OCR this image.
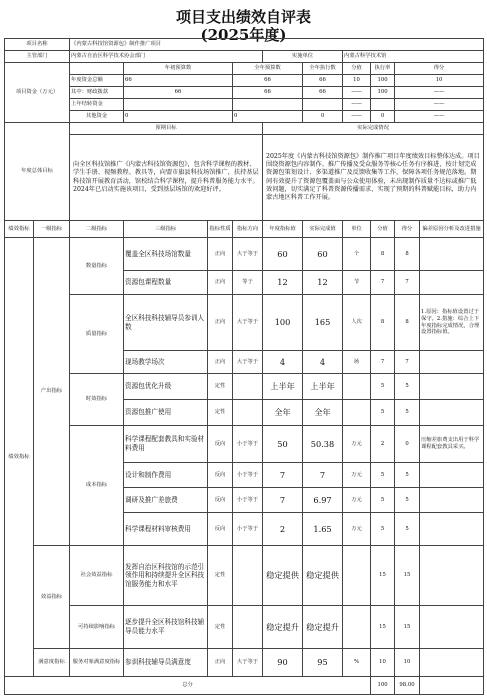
项目支出绩效自评表
(2025年度)
项目名称		《内蒙古科技馆资源包》制作推广项目									
主管部门		内蒙古自治区科学技术协会部门				实施单位		内蒙古科学技术馆			
项目资金（万元）			年初预算数		全年预算数		全年执行数	分值	执行率	得分	
		年度资金总额	66		66		66	10	100	10	
		其中：财政拨款	66		66		66	——	100	——	
		上年结转资金						——		——	
		其他资金	0		0		0	——	0	——	
年度总体目标		预期目标				实际完成情况					
		向全区科技馆推广《内蒙古科技馆资源包》，包含科学课程的教材、学生手册、视频教程、教具等，向盟市旗县科技场馆推广，扶持基层科技馆开展教育活动，馆校结合科学课程，提升科普服务能力水平。2024年已启动实施该项目，受到基层场馆的欢迎好评。				2025年度《内蒙古科技馆资源包》制作推广项目年度绩效目标整体达成。项目围绕资源包内容制作、推广传播及受众服务等核心任务有序推进，按计划完成资源包策划设计、多渠道推广及反馈收集等工作，保障各项任务规范落地。期间有效提升了资源包覆盖面与公众使用体验，未出现制作质量不达标或推广低效问题，切实满足了科普资源传播需求，实现了预期的科普赋能目标，助力内蒙古地区科普工作开展。					
绩效指标	一级指标	二级指标	三级指标	指标性质	指标方向	年度指标值	实际完成值	单位	分值	得分	偏差原因分析及改进措施
绩效指标	产出指标	数量指标	覆盖全区科技场馆数量	正向	大于等于	60	60	个	8	8	
			资源包课程数量	正向	等于	12	12	节	7	7	
		质量指标	全区科技科技辅导员参训人数	正向	大于等于	100	165	人次	8	8	1.原因：指标值设置过于保守。2.措施：综合上下年度指标完成情况，合理设置指标值。
			现场教学场次	正向	大于等于	4	4	场	7	7	
		时效指标	资源包优化升级	定性		上半年	上半年		5	5	
			资源包推广使用	定性		全年	全年		5	5	
		成本指标	科学课程配套教具和实验材料费用	反向	小于等于	50	50.38	万元	2	0	压缩差旅费支出用于科学课程配套教具采买。
			设计和制作费用	反向	小于等于	7	7	万元	5	5	
			调研及推广差旅费	反向	小于等于	7	6.97	万元	5	5	
			科学课程材料审核费用	反向	小于等于	2	1.65	万元	5	5	
	效益指标	社会效益指标	发挥自治区科技馆的示范引领作用和持续提升全区科技馆服务能力和水平	定性		稳定提供	稳定提供		15	15	
		可持续影响指标	逐步提升全区科技馆科技辅导员能力水平	定性		稳定提升	稳定提升		15	15	
	满意度指标	服务对象满意度指标	参训科技辅导员满意度	正向	大于等于	90	95	%	10	10	
总分									100	98.00	
